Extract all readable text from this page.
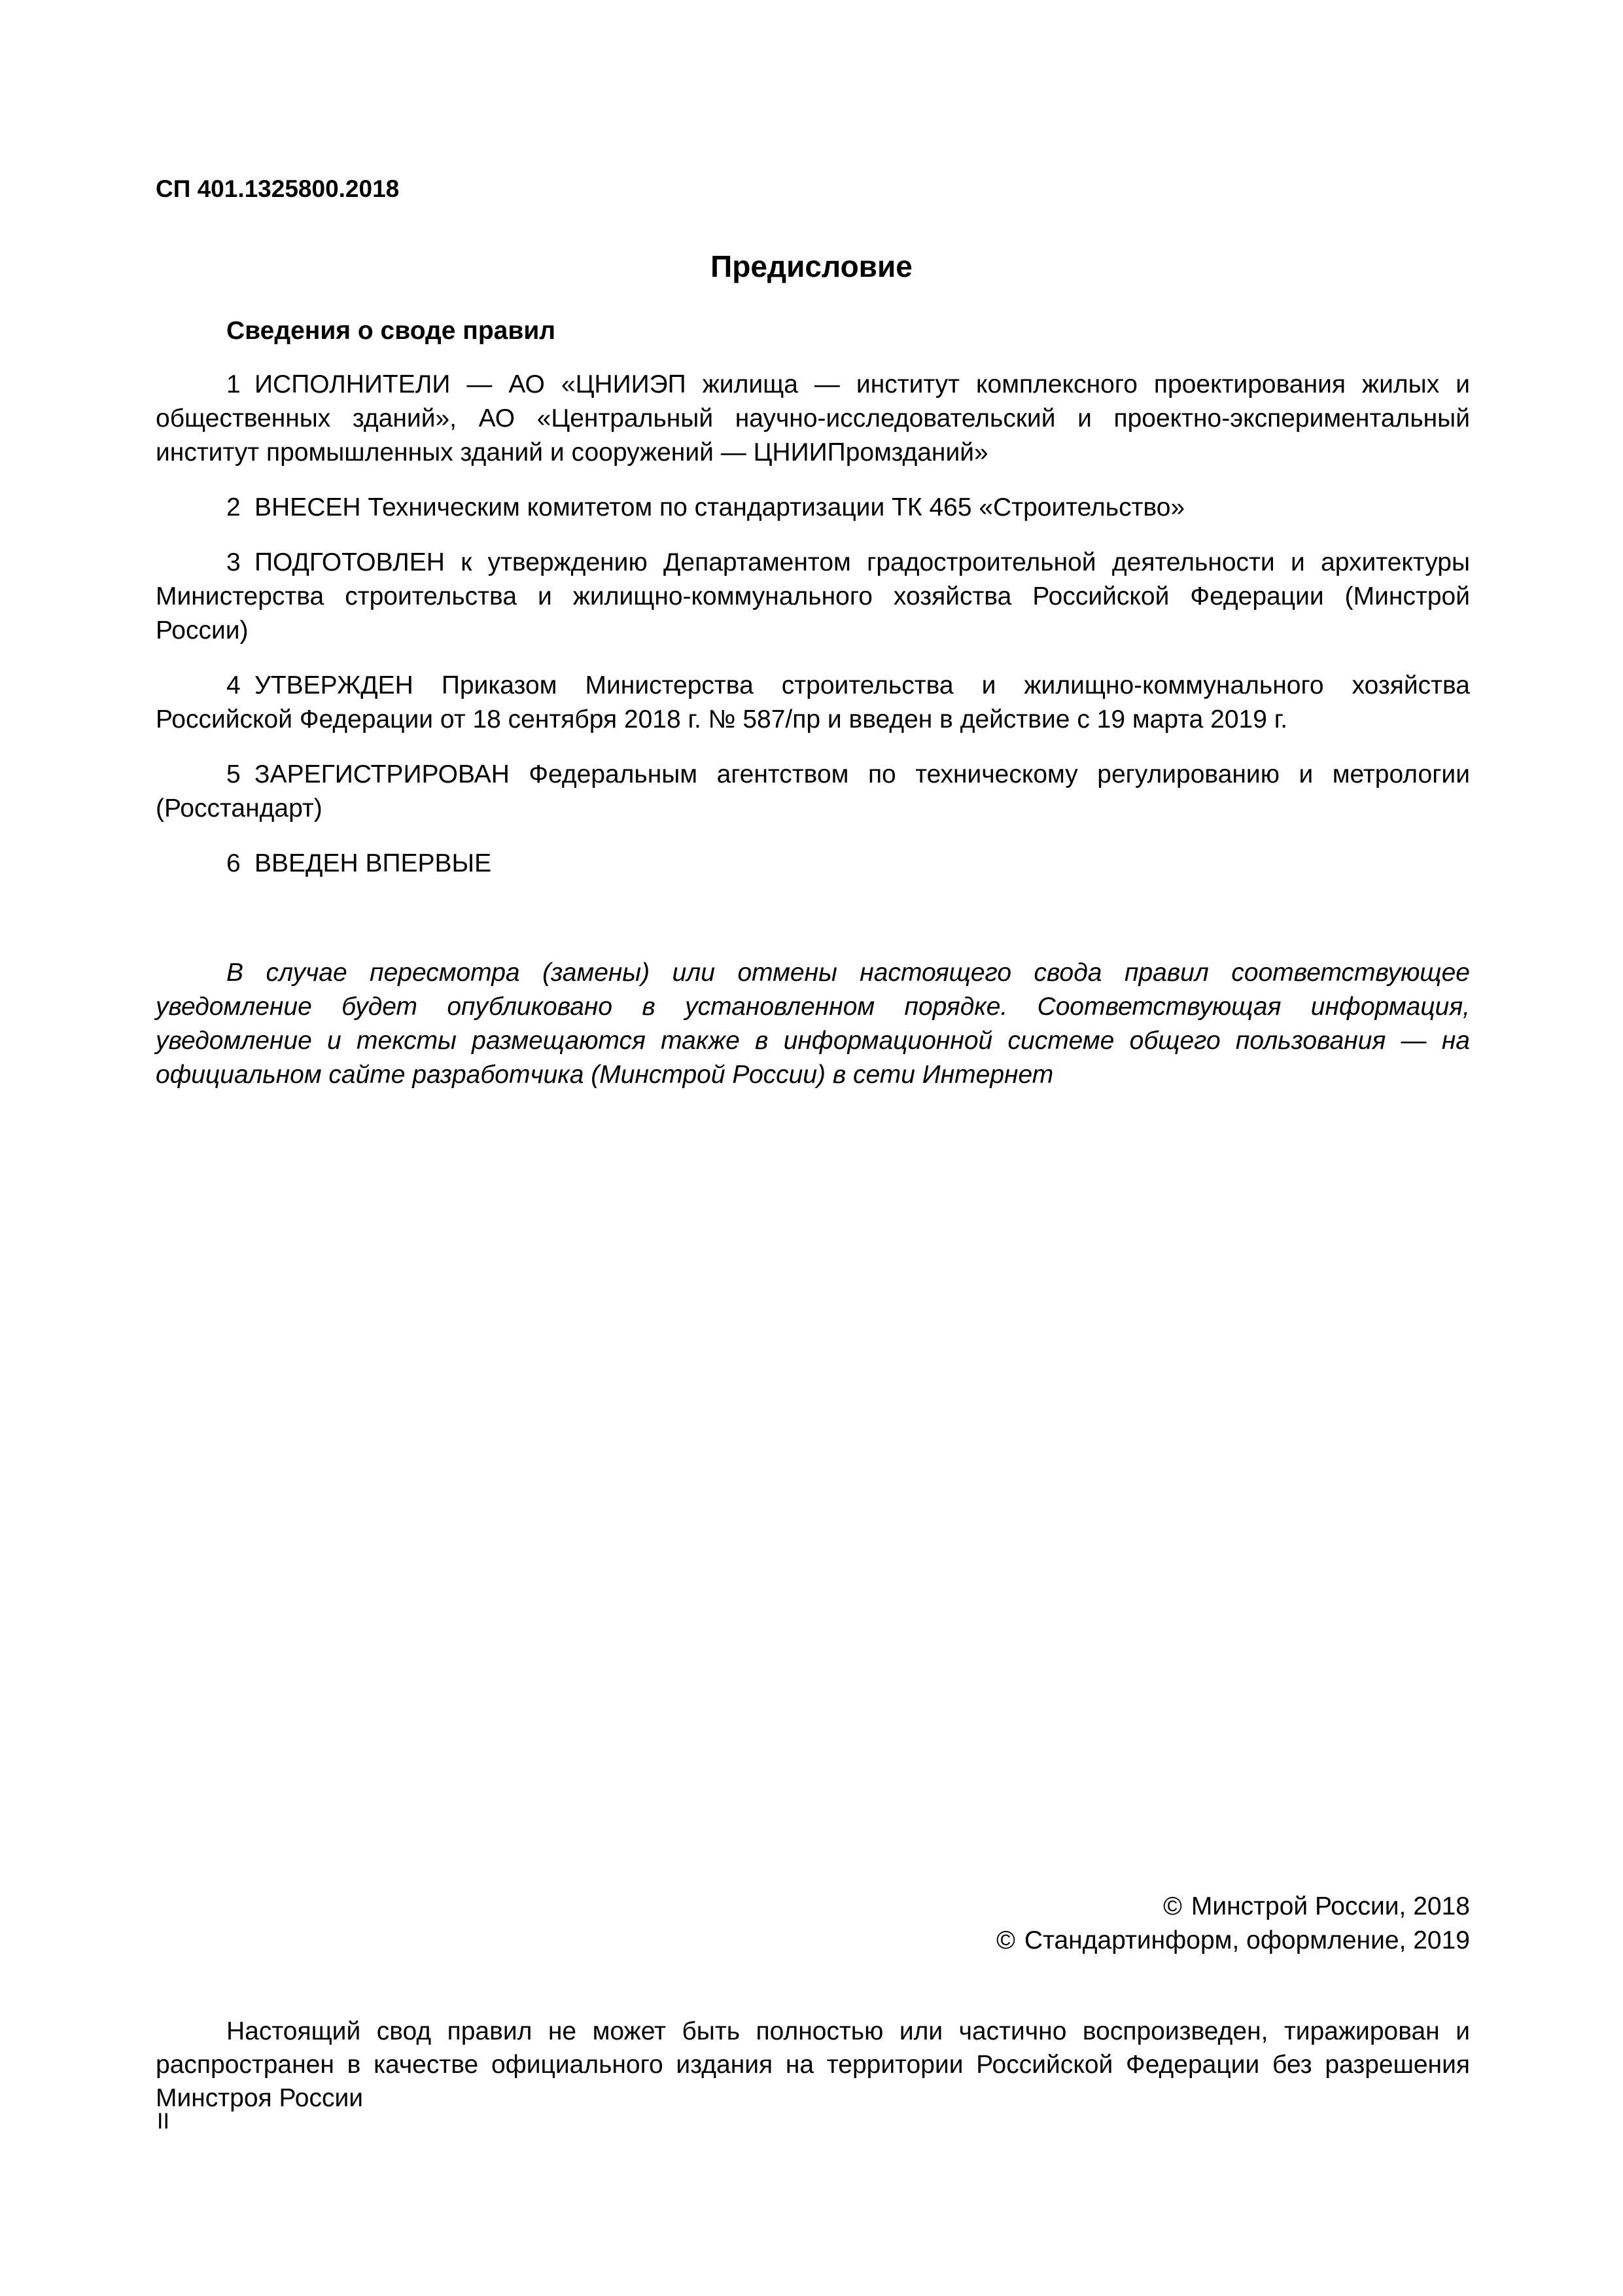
СП 401.1325800.2018
Предисловие

Сведения о своде правил

1 ИСПОЛНИТЕЛИ — АО «ЦНИИЭП жилища — институт комплексного проектирования жилых и общественных зданий», АО «Центральный научно-исследовательский и проектно-экспериментальный институт промышленных зданий и сооружений — ЦНИИПромзданий»

2 ВНЕСЕН Техническим комитетом по стандартизации ТК 465 «Строительство»

3 ПОДГОТОВЛЕН к утверждению Департаментом градостроительной деятельности и архитектуры Министерства строительства и жилищно-коммунального хозяйства Российской Федерации (Минстрой России)

4 УТВЕРЖДЕН Приказом Министерства строительства и жилищно-коммунального хозяйства Российской Федерации от 18 сентября 2018 г. № 587/пр и введен в действие с 19 марта 2019 г.

5 ЗАРЕГИСТРИРОВАН Федеральным агентством по техническому регулированию и метрологии (Росстандарт)

6 ВВЕДЕН ВПЕРВЫЕ

В случае пересмотра (замены) или отмены настоящего свода правил соответствующее уведомление будет опубликовано в установленном порядке. Соответствующая информация, уведомление и тексты размещаются также в информационной системе общего пользования — на официальном сайте разработчика (Минстрой России) в сети Интернет

© Минстрой России, 2018
© Стандартинформ, оформление, 2019

Настоящий свод правил не может быть полностью или частично воспроизведен, тиражирован и распространен в качестве официального издания на территории Российской Федерации без разрешения Минстроя России

II
